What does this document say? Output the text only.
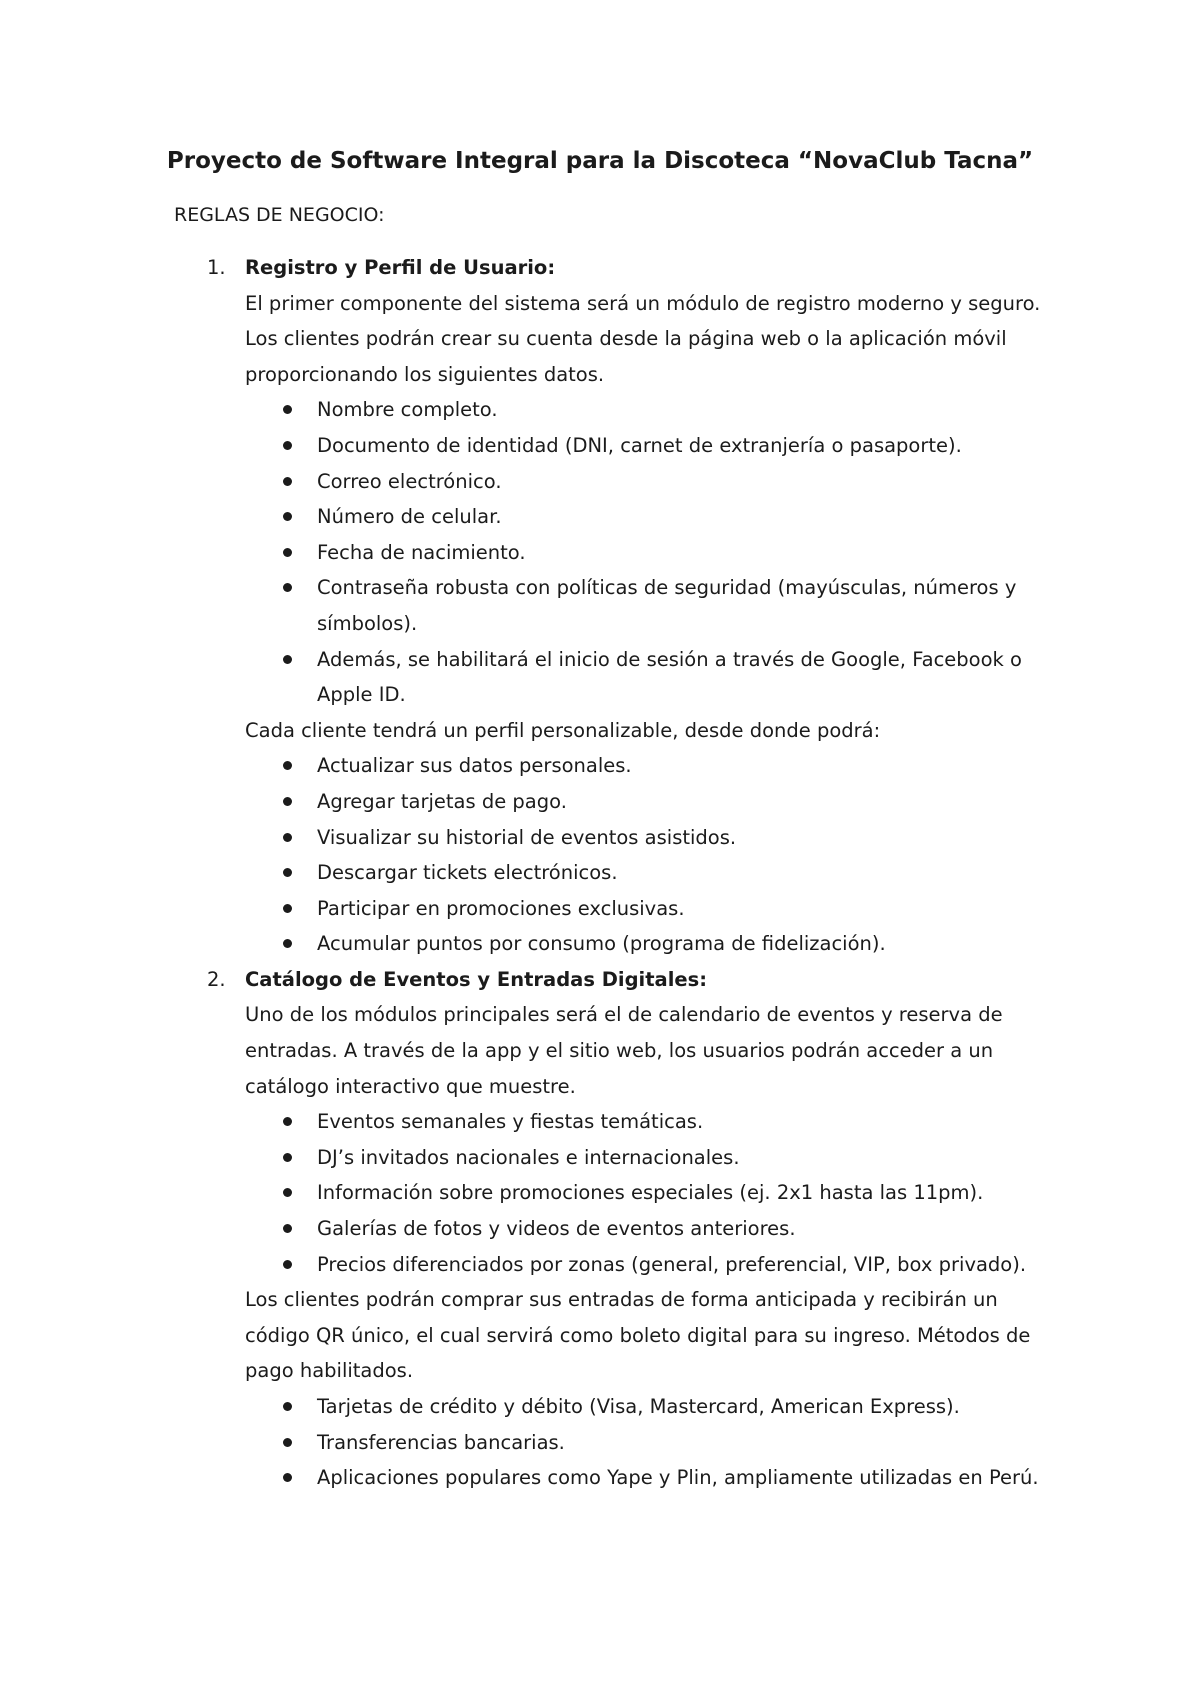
Proyecto de Software Integral para la Discoteca “NovaClub Tacna”

REGLAS DE NEGOCIO:

1. Registro y Perfil de Usuario:
El primer componente del sistema será un módulo de registro moderno y seguro. Los clientes podrán crear su cuenta desde la página web o la aplicación móvil proporcionando los siguientes datos.
Nombre completo.
Documento de identidad (DNI, carnet de extranjería o pasaporte).
Correo electrónico.
Número de celular.
Fecha de nacimiento.
Contraseña robusta con políticas de seguridad (mayúsculas, números y símbolos).
Además, se habilitará el inicio de sesión a través de Google, Facebook o Apple ID.
Cada cliente tendrá un perfil personalizable, desde donde podrá:
Actualizar sus datos personales.
Agregar tarjetas de pago.
Visualizar su historial de eventos asistidos.
Descargar tickets electrónicos.
Participar en promociones exclusivas.
Acumular puntos por consumo (programa de fidelización).
2. Catálogo de Eventos y Entradas Digitales:
Uno de los módulos principales será el de calendario de eventos y reserva de entradas. A través de la app y el sitio web, los usuarios podrán acceder a un catálogo interactivo que muestre.
Eventos semanales y fiestas temáticas.
DJ’s invitados nacionales e internacionales.
Información sobre promociones especiales (ej. 2x1 hasta las 11pm).
Galerías de fotos y videos de eventos anteriores.
Precios diferenciados por zonas (general, preferencial, VIP, box privado).
Los clientes podrán comprar sus entradas de forma anticipada y recibirán un código QR único, el cual servirá como boleto digital para su ingreso. Métodos de pago habilitados.
Tarjetas de crédito y débito (Visa, Mastercard, American Express).
Transferencias bancarias.
Aplicaciones populares como Yape y Plin, ampliamente utilizadas en Perú.
